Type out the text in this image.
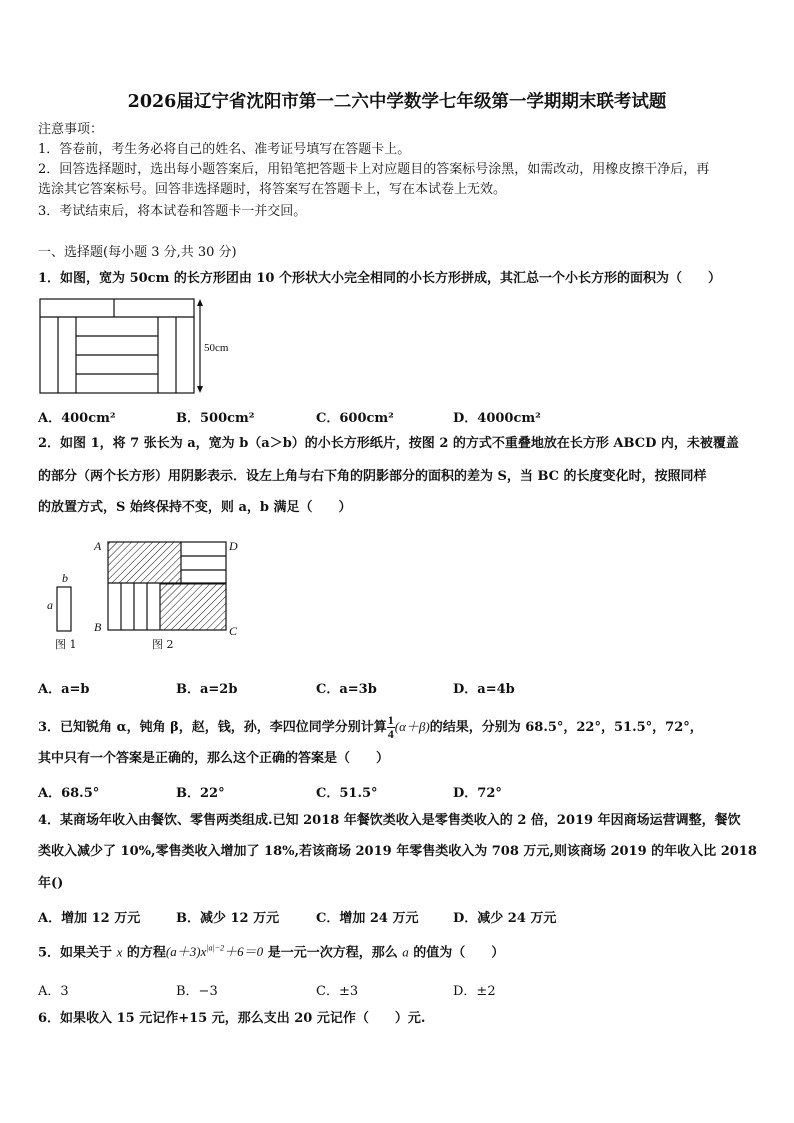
2026届辽宁省沈阳市第一二六中学数学七年级第一学期期末联考试题
注意事项：
1．答卷前，考生务必将自己的姓名、准考证号填写在答题卡上。
2．回答选择题时，选出每小题答案后，用铅笔把答题卡上对应题目的答案标号涂黑，如需改动，用橡皮擦干净后，再
选涂其它答案标号。回答非选择题时，将答案写在答题卡上，写在本试卷上无效。
3．考试结束后，将本试卷和答题卡一并交回。
一、选择题(每小题 3 分,共 30 分)
1．如图，宽为 50cm 的长方形团由 10 个形状大小完全相同的小长方形拼成，其汇总一个小长方形的面积为（　　）
50cm
A．400cm²	B．500cm²	C．600cm²	D．4000cm²
2．如图 1，将 7 张长为 a，宽为 b（a＞b）的小长方形纸片，按图 2 的方式不重叠地放在长方形 ABCD 内，未被覆盖
的部分（两个长方形）用阴影表示．设左上角与右下角的阴影部分的面积的差为 S，当 BC 的长度变化时，按照同样
的放置方式，S 始终保持不变，则 a，b 满足（　　）
b
a
图 1
A	D
B	C
图 2
A．a=b	B．a=2b	C．a=3b	D．a=4b
3．已知锐角 α，钝角 β，赵，钱，孙，李四位同学分别计算 $\frac{1}{4} (\alpha+\beta)$的结果，分别为 68.5°，22°，51.5°，72°，
其中只有一个答案是正确的，那么这个正确的答案是（　　）
A．68.5°	B．22°	C．51.5°	D．72°
4．某商场年收入由餐饮、零售两类组成.已知 2018 年餐饮类收入是零售类收入的 2 倍，2019 年因商场运营调整，餐饮
类收入减少了 10%,零售类收入增加了 18%,若该商场 2019 年零售类收入为 708 万元,则该商场 2019 的年收入比 2018
年()
A．增加 12 万元	B．减少 12 万元	C．增加 24 万元	D．减少 24 万元
5．如果关于 x 的方程$(a+3)x^{|a|-2}+6=0$ 是一元一次方程，那么 a 的值为（　　）
A．3	B．−3	C．±3	D．±2
6．如果收入 15 元记作+15 元，那么支出 20 元记作（　　）元.
